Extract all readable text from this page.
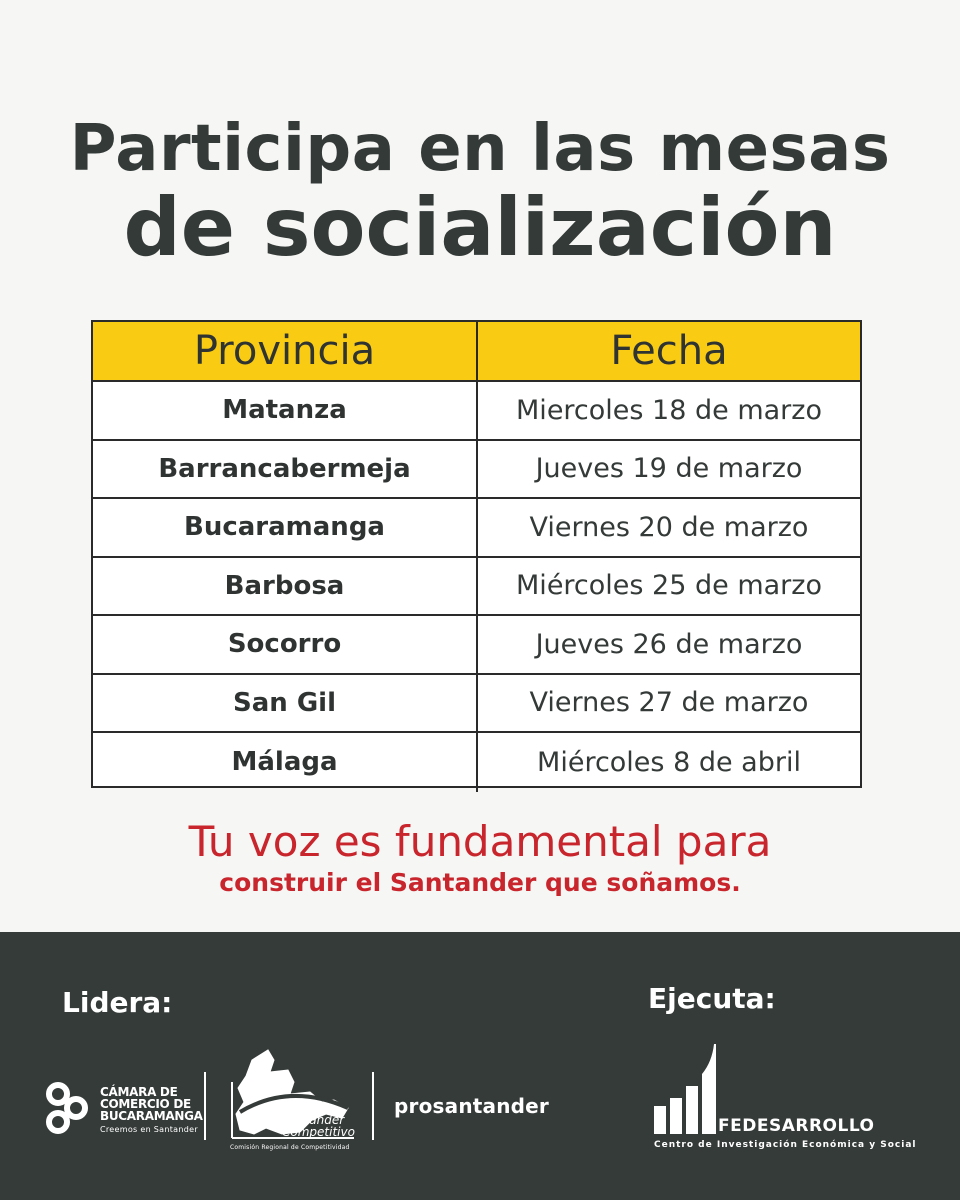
Participa en las mesas
de socialización
Provincia	Fecha
Matanza	Miercoles 18 de marzo
Barrancabermeja	Jueves 19 de marzo
Bucaramanga	Viernes 20 de marzo
Barbosa	Miércoles 25 de marzo
Socorro	Jueves 26 de marzo
San Gil	Viernes 27 de marzo
Málaga	Miércoles 8 de abril

Tu voz es fundamental para

construir el Santander que soñamos.

Lidera:	Ejecuta:
CÁMARA DE
COMERCIO DE
BUCARAMANGA
Creemos en Santander
Santander
Competitivo
Comisión Regional de Competitividad
prosantander
FEDESARROLLO
Centro de Investigación Económica y Social
